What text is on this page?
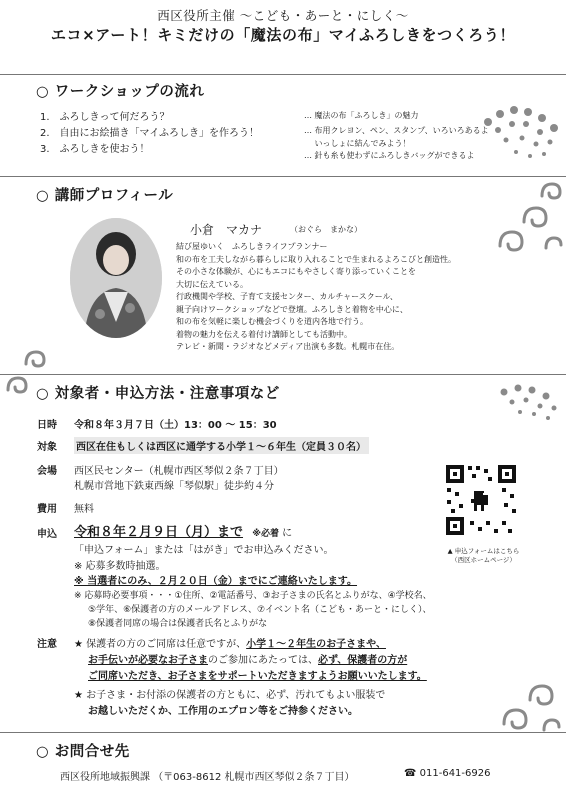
西区役所主催 〜こども・あーと・にしく〜
エコ×アート！キミだけの「魔法の布」マイふろしきをつくろう！
○ ワークショップの流れ
1.　ふろしきって何だろう？
2.　自由にお絵描き「マイふろしき」を作ろう！
3.　ふろしきを使おう！
… 魔法の布「ふろしき」の魅力
… 布用クレヨン、ペン、スタンプ、いろいろあるよ
　 いっしょに結んでみよう！
… 針も糸も使わずにふろしきバッグができるよ
○ 講師プロフィール
小倉　マカナ	（おぐら　まかな）
結び屋ゆいく　ふろしきライフプランナー
和の布を工夫しながら暮らしに取り入れることで生まれるよろこびと創造性。
その小さな体験が、心にもエコにもやさしく寄り添っていくことを
大切に伝えている。
行政機関や学校、子育て支援センター、カルチャースクール、
親子向けワークショップなどで登壇。ふろしきと着物を中心に、
和の布を気軽に楽しむ機会づくりを道内各地で行う。
着物の魅力を伝える着付け講師としても活動中。
テレビ・新聞・ラジオなどメディア出演も多数。札幌市在住。
○ 対象者・申込方法・注意事項など
日時 令和８年３月７日（土）13：00 〜 15：30
対象 西区在住もしくは西区に通学する小学１〜６年生（定員３０名）
会場 西区民センター（札幌市西区琴似２条７丁目）
札幌市営地下鉄東西線「琴似駅」徒歩約４分
費用 無料
▲ 申込フォームはこちら
（西区ホームページ）
申込 令和８年２月９日（月）まで ※必着 に
「申込フォーム」または「はがき」でお申込みください。
※ 応募多数時抽選。
※ 当選者にのみ、２月２０日（金）までにご連絡いたします。
※ 応募時必要事項・・・①住所、②電話番号、③お子さまの氏名とふりがな、④学校名、
⑤学年、⑥保護者の方のメールアドレス、⑦イベント名（こども・あーと・にしく）、
⑧保護者同席の場合は保護者氏名とふりがな
注意 ★ 保護者の方のご同席は任意ですが、小学１〜２年生のお子さまや、
お手伝いが必要なお子さまのご参加にあたっては、必ず、保護者の方が
ご同席いただき、お子さまをサポートいただきますようお願いいたします。
★ お子さま・お付添の保護者の方ともに、必ず、汚れてもよい服装で
お越しいただくか、工作用のエプロン等をご持参ください。
○ お問合せ先
西区役所地域振興課 （〒063-8612 札幌市西区琴似２条７丁目）	☎ 011-641-6926
